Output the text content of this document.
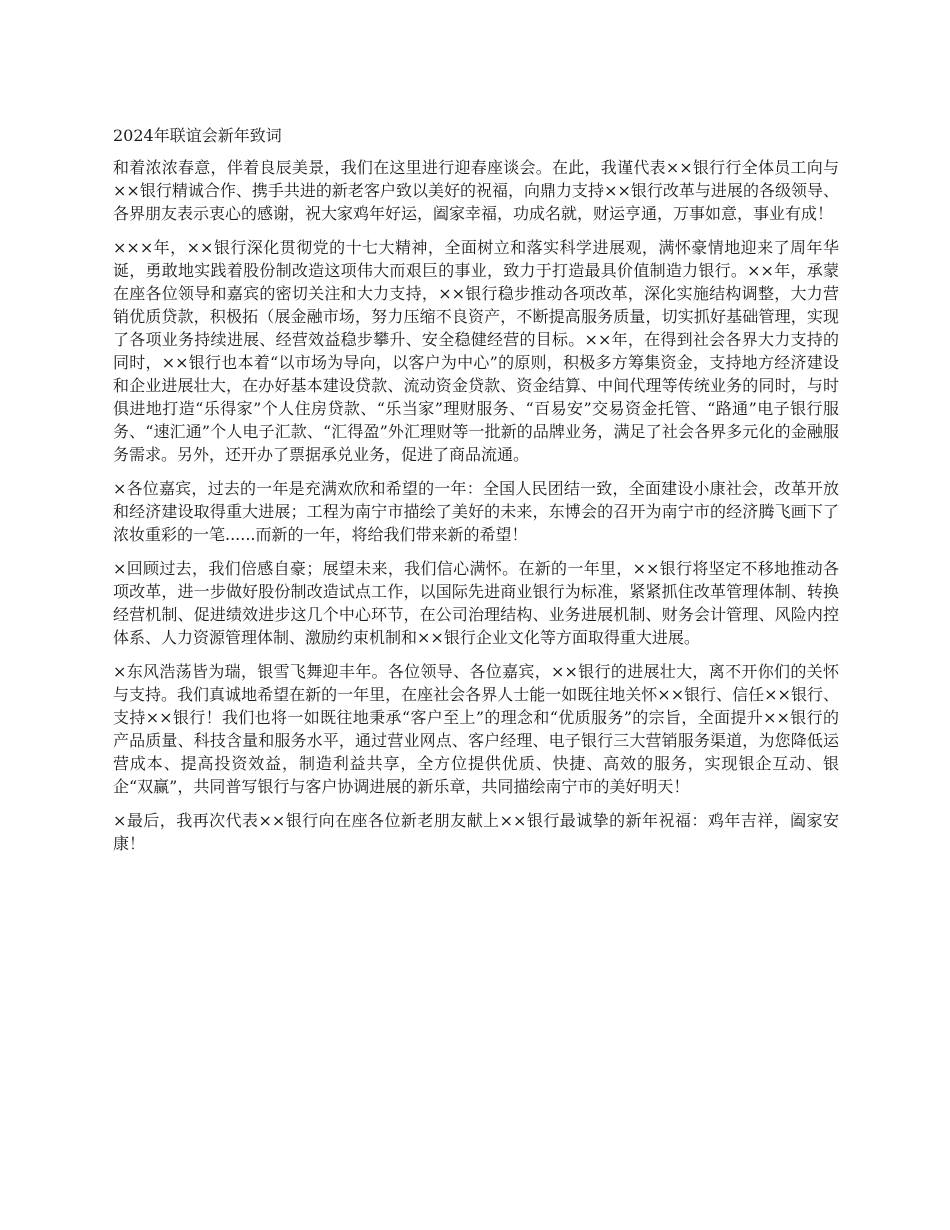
2024年联谊会新年致词

和着浓浓春意，伴着良辰美景，我们在这里进行迎春座谈会。在此，我谨代表××银行行全体员工向与××银行精诚合作、携手共进的新老客户致以美好的祝福，向鼎力支持××银行改革与进展的各级领导、各界朋友表示衷心的感谢，祝大家鸡年好运，阖家幸福，功成名就，财运亨通，万事如意，事业有成！

×××年，××银行深化贯彻党的十七大精神，全面树立和落实科学进展观，满怀豪情地迎来了周年华诞，勇敢地实践着股份制改造这项伟大而艰巨的事业，致力于打造最具价值制造力银行。××年，承蒙在座各位领导和嘉宾的密切关注和大力支持，××银行稳步推动各项改革，深化实施结构调整，大力营销优质贷款，积极拓（展金融市场，努力压缩不良资产，不断提高服务质量，切实抓好基础管理，实现了各项业务持续进展、经营效益稳步攀升、安全稳健经营的目标。××年，在得到社会各界大力支持的同时，××银行也本着“以市场为导向，以客户为中心”的原则，积极多方筹集资金，支持地方经济建设和企业进展壮大，在办好基本建设贷款、流动资金贷款、资金结算、中间代理等传统业务的同时，与时俱进地打造“乐得家”个人住房贷款、“乐当家”理财服务、“百易安”交易资金托管、“路通”电子银行服务、“速汇通”个人电子汇款、“汇得盈”外汇理财等一批新的品牌业务，满足了社会各界多元化的金融服务需求。另外，还开办了票据承兑业务，促进了商品流通。

×各位嘉宾，过去的一年是充满欢欣和希望的一年：全国人民团结一致，全面建设小康社会，改革开放和经济建设取得重大进展；工程为南宁市描绘了美好的未来，东博会的召开为南宁市的经济腾飞画下了浓妆重彩的一笔......而新的一年，将给我们带来新的希望！

×回顾过去，我们倍感自豪；展望未来，我们信心满怀。在新的一年里，××银行将坚定不移地推动各项改革，进一步做好股份制改造试点工作，以国际先进商业银行为标准，紧紧抓住改革管理体制、转换经营机制、促进绩效进步这几个中心环节，在公司治理结构、业务进展机制、财务会计管理、风险内控体系、人力资源管理体制、激励约束机制和××银行企业文化等方面取得重大进展。

×东风浩荡皆为瑞，银雪飞舞迎丰年。各位领导、各位嘉宾，××银行的进展壮大，离不开你们的关怀与支持。我们真诚地希望在新的一年里，在座社会各界人士能一如既往地关怀××银行、信任××银行、支持××银行！我们也将一如既往地秉承“客户至上”的理念和“优质服务”的宗旨，全面提升××银行的产品质量、科技含量和服务水平，通过营业网点、客户经理、电子银行三大营销服务渠道，为您降低运营成本、提高投资效益，制造利益共享，全方位提供优质、快捷、高效的服务，实现银企互动、银企“双赢”，共同普写银行与客户协调进展的新乐章，共同描绘南宁市的美好明天！

×最后，我再次代表××银行向在座各位新老朋友献上××银行最诚挚的新年祝福：鸡年吉祥，阖家安康！
